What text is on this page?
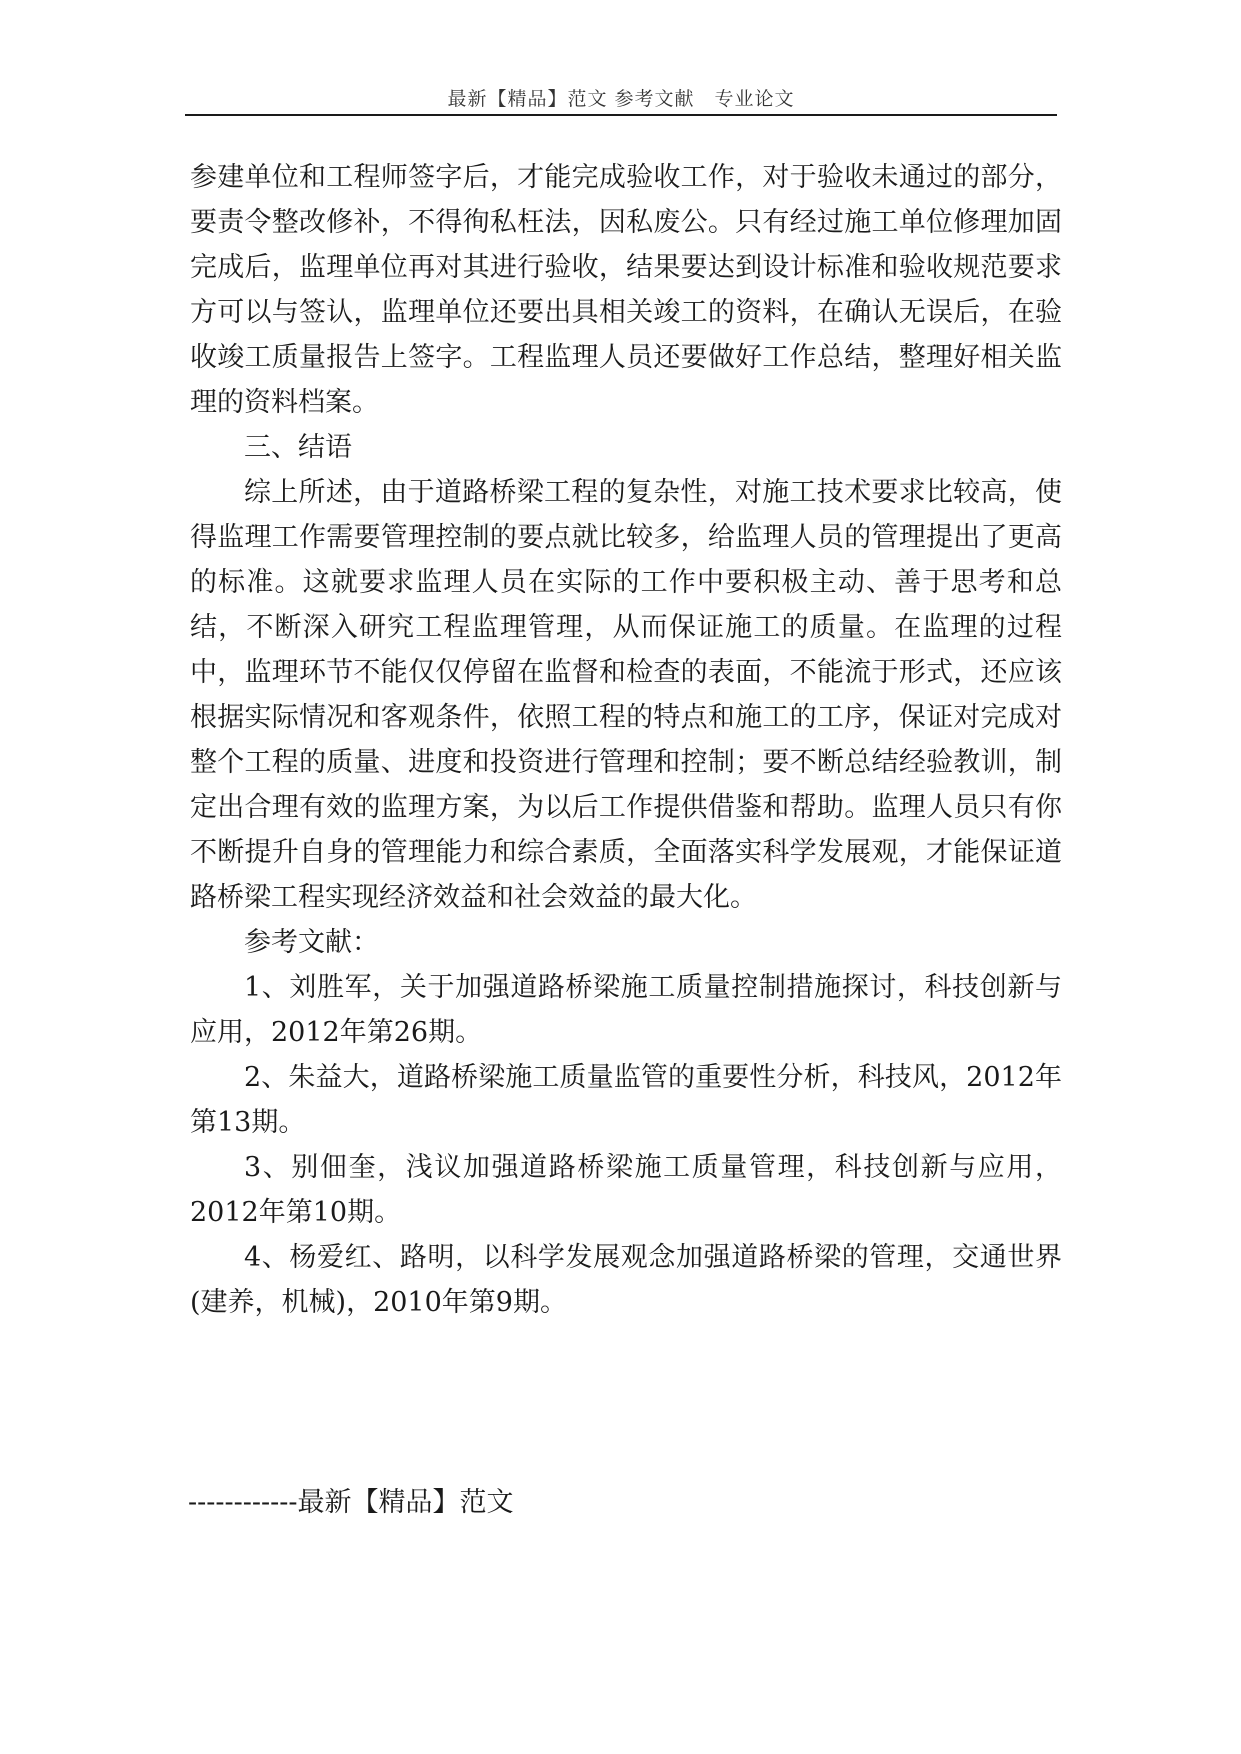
最新【精品】范文 参考文献　专业论文

参建单位和工程师签字后，才能完成验收工作，对于验收未通过的部分，要责令整改修补，不得徇私枉法，因私废公。只有经过施工单位修理加固完成后，监理单位再对其进行验收，结果要达到设计标准和验收规范要求方可以与签认，监理单位还要出具相关竣工的资料，在确认无误后，在验收竣工质量报告上签字。工程监理人员还要做好工作总结，整理好相关监理的资料档案。

三、结语

综上所述，由于道路桥梁工程的复杂性，对施工技术要求比较高，使得监理工作需要管理控制的要点就比较多，给监理人员的管理提出了更高的标准。这就要求监理人员在实际的工作中要积极主动、善于思考和总结，不断深入研究工程监理管理，从而保证施工的质量。在监理的过程中，监理环节不能仅仅停留在监督和检查的表面，不能流于形式，还应该根据实际情况和客观条件，依照工程的特点和施工的工序，保证对完成对整个工程的质量、进度和投资进行管理和控制；要不断总结经验教训，制定出合理有效的监理方案，为以后工作提供借鉴和帮助。监理人员只有你不断提升自身的管理能力和综合素质，全面落实科学发展观，才能保证道路桥梁工程实现经济效益和社会效益的最大化。

参考文献：

1、刘胜军，关于加强道路桥梁施工质量控制措施探讨，科技创新与应用，2012年第26期。

2、朱益大，道路桥梁施工质量监管的重要性分析，科技风，2012年第13期。

3、别佃奎，浅议加强道路桥梁施工质量管理，科技创新与应用，2012年第10期。

4、杨爱红、路明，以科学发展观念加强道路桥梁的管理，交通世界(建养，机械)，2010年第9期。

------------最新【精品】范文
